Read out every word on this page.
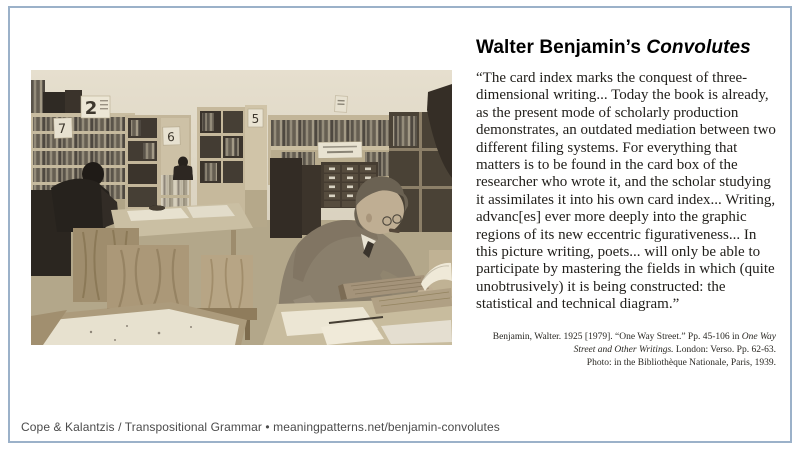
7
2
6
5
Walter Benjamin’s Convolutes
“The card index marks the conquest of three-dimensional writing... Today the book is already, as the present mode of scholarly production demonstrates, an outdated mediation between two different filing systems. For everything that matters is to be found in the card box of the researcher who wrote it, and the scholar studying it assimilates it into his own card index... Writing, advanc[es] ever more deeply into the graphic regions of its new eccentric figurativeness... In this picture writing, poets... will only be able to participate by mastering the fields in which (quite unobtrusively) it is being constructed: the statistical and technical diagram.”
Benjamin, Walter. 1925 [1979]. “One Way Street.” Pp. 45-106 in One Way Street and Other Writings. London: Verso. Pp. 62-63.
Photo: in the Bibliothèque Nationale, Paris, 1939.
Cope & Kalantzis / Transpositional Grammar • meaningpatterns.net/benjamin-convolutes
